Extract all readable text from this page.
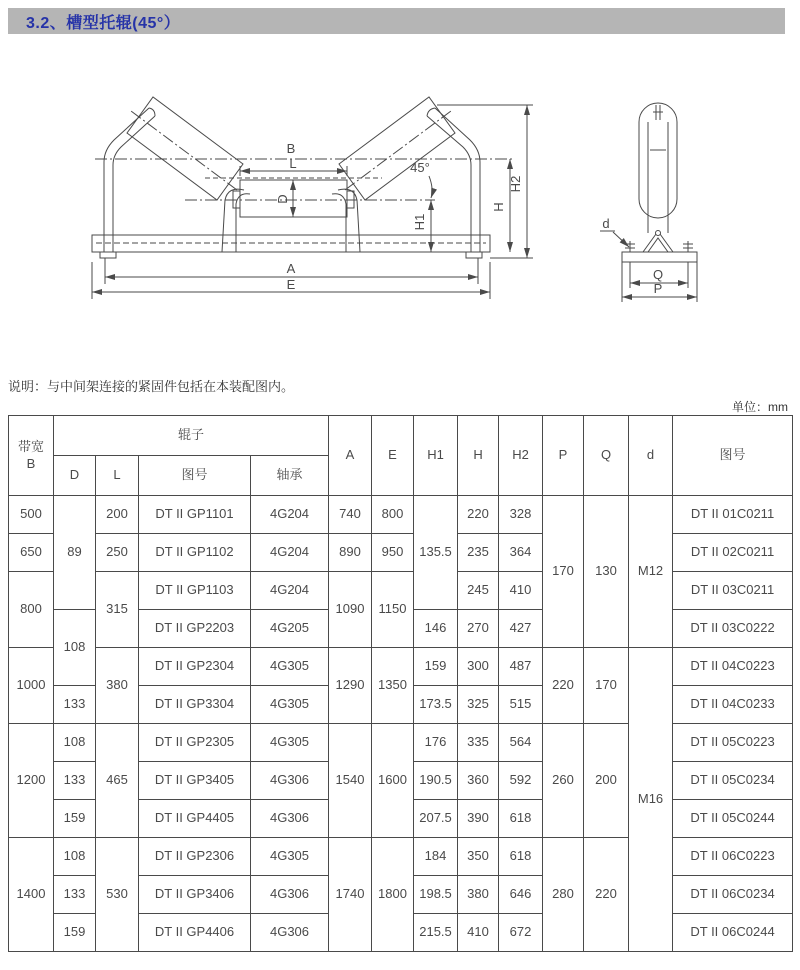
3.2、槽型托辊(45°）
B
L
D
45°
H1
H
H2
A
E
d
Q
P
说明：与中间架连接的紧固件包括在本装配图内。
单位：mm
带宽
B	辊子				A	E	H1	H	H2	P	Q	d	图号
	D	L	图号	轴承									
500	89	200	DT II GP1101	4G204	740	800	135.5	220	328	170	130	M12	DT II 01C0211
650		250	DT II GP1102	4G204	890	950		235	364				DT II 02C0211
800		315	DT II GP1103	4G204	1090	1150		245	410				DT II 03C0211
	108		DT II GP2203	4G205			146	270	427				DT II 03C0222
1000		380	DT II GP2304	4G305	1290	1350	159	300	487	220	170	M16	DT II 04C0223
	133		DT II GP3304	4G305			173.5	325	515				DT II 04C0233
1200	108	465	DT II GP2305	4G305	1540	1600	176	335	564	260	200		DT II 05C0223
	133		DT II GP3405	4G306			190.5	360	592				DT II 05C0234
	159		DT II GP4405	4G306			207.5	390	618				DT II 05C0244
1400	108	530	DT II GP2306	4G305	1740	1800	184	350	618	280	220		DT II 06C0223
	133		DT II GP3406	4G306			198.5	380	646				DT II 06C0234
	159		DT II GP4406	4G306			215.5	410	672				DT II 06C0244
